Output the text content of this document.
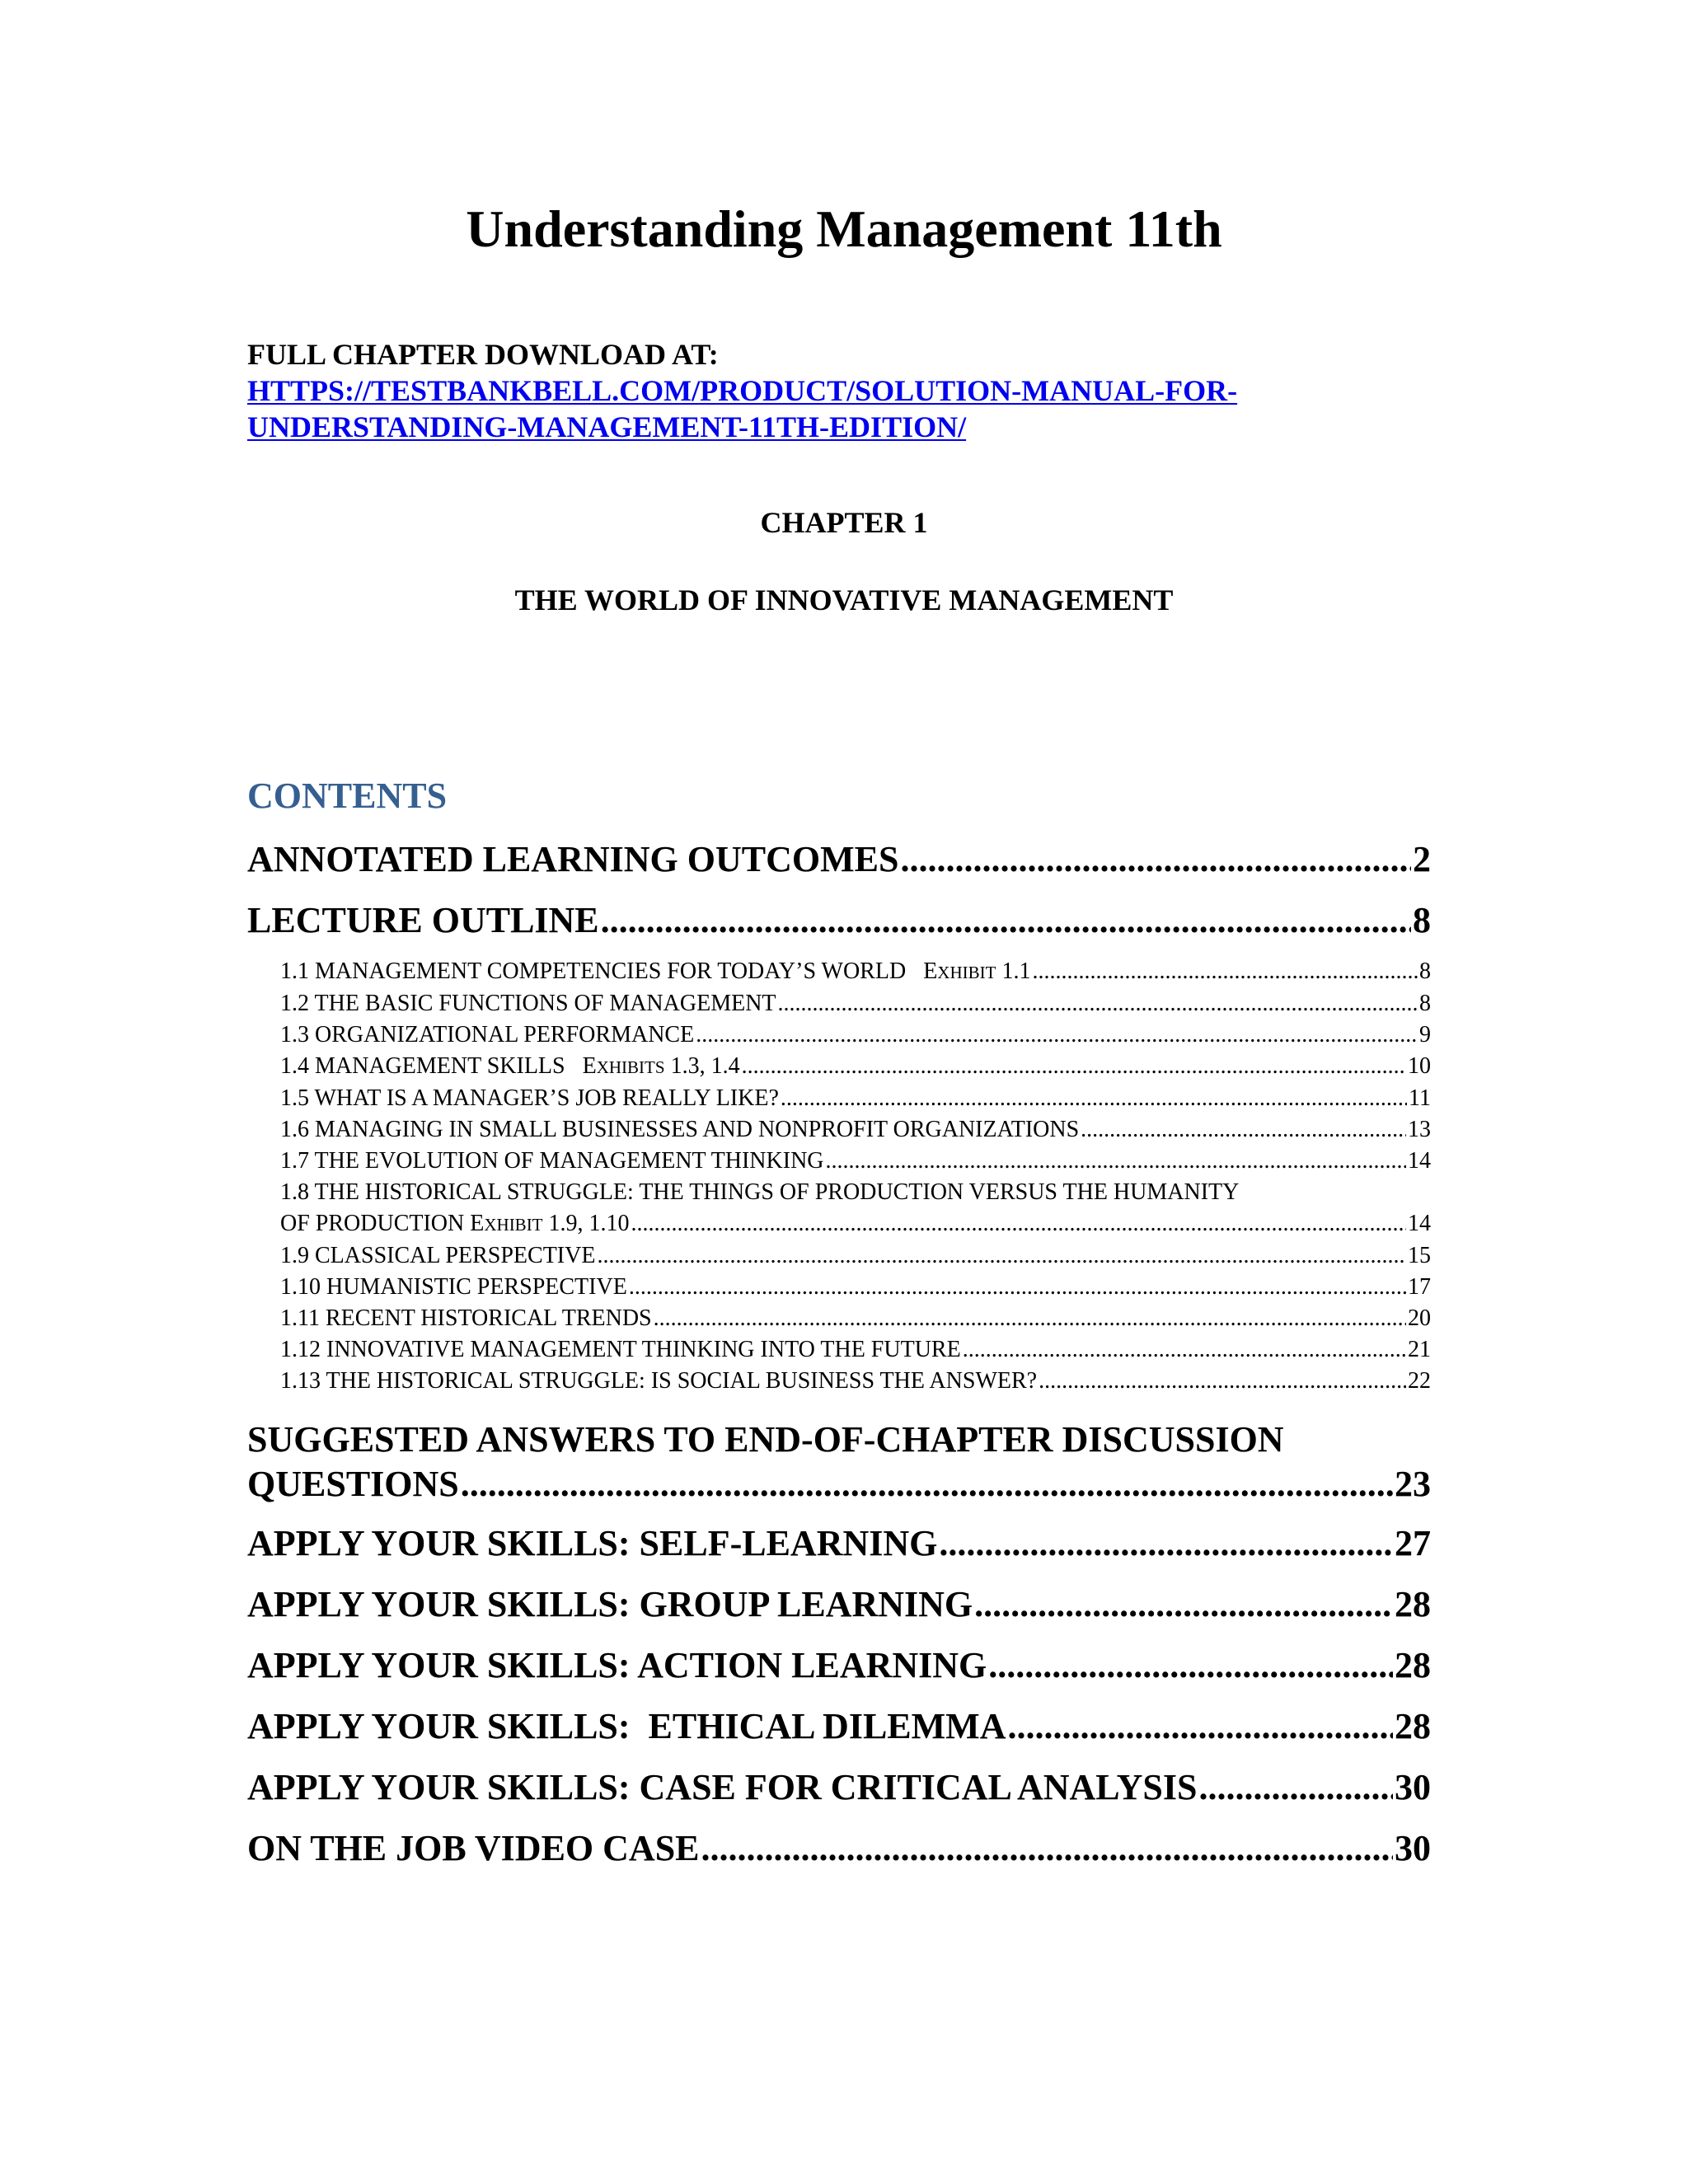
Understanding Management 11th
FULL CHAPTER DOWNLOAD AT:
HTTPS://TESTBANKBELL.COM/PRODUCT/SOLUTION-MANUAL-FOR-
UNDERSTANDING-MANAGEMENT-11TH-EDITION/
CHAPTER 1
THE WORLD OF INNOVATIVE MANAGEMENT
CONTENTS
ANNOTATED LEARNING OUTCOMES .....	2
LECTURE OUTLINE .....	8
1.1 MANAGEMENT COMPETENCIES FOR TODAY’S WORLD EXHIBIT 1.1 .....	8
1.2 THE BASIC FUNCTIONS OF MANAGEMENT .....	8
1.3 ORGANIZATIONAL PERFORMANCE .....	9
1.4 MANAGEMENT SKILLS EXHIBITS 1.3, 1.4 .....	10
1.5 WHAT IS A MANAGER’S JOB REALLY LIKE? .....	11
1.6 MANAGING IN SMALL BUSINESSES AND NONPROFIT ORGANIZATIONS .....	13
1.7 THE EVOLUTION OF MANAGEMENT THINKING .....	14
1.8 THE HISTORICAL STRUGGLE: THE THINGS OF PRODUCTION VERSUS THE HUMANITY
OF PRODUCTION EXHIBIT 1.9, 1.10 .....	14
1.9 CLASSICAL PERSPECTIVE .....	15
1.10 HUMANISTIC PERSPECTIVE .....	17
1.11 RECENT HISTORICAL TRENDS .....	20
1.12 INNOVATIVE MANAGEMENT THINKING INTO THE FUTURE .....	21
1.13 THE HISTORICAL STRUGGLE: IS SOCIAL BUSINESS THE ANSWER? .....	22
SUGGESTED ANSWERS TO END-OF-CHAPTER DISCUSSION
QUESTIONS .....	23
APPLY YOUR SKILLS: SELF-LEARNING .....	27
APPLY YOUR SKILLS: GROUP LEARNING .....	28
APPLY YOUR SKILLS: ACTION LEARNING .....	28
APPLY YOUR SKILLS:  ETHICAL DILEMMA .....	28
APPLY YOUR SKILLS: CASE FOR CRITICAL ANALYSIS .....	30
ON THE JOB VIDEO CASE .....	30
